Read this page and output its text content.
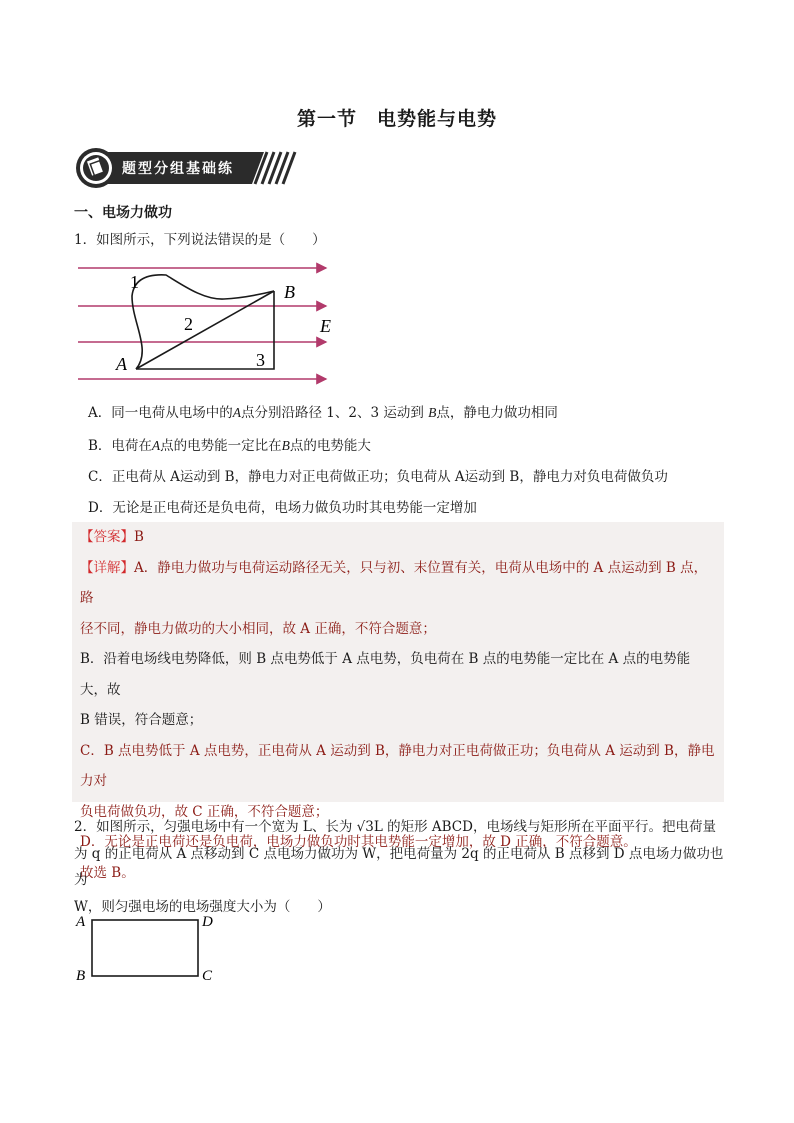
第一节　电势能与电势
题型分组基础练
一、电场力做功
1．如图所示，下列说法错误的是（　　）
1
2
3
A
B
E
A．同一电荷从电场中的A点分别沿路径 1、2、3 运动到 B点，静电力做功相同
B．电荷在A点的电势能一定比在B点的电势能大
C．正电荷从 A运动到 B，静电力对正电荷做正功；负电荷从 A运动到 B，静电力对负电荷做负功
D．无论是正电荷还是负电荷，电场力做负功时其电势能一定增加

【答案】B

【详解】A．静电力做功与电荷运动路径无关，只与初、末位置有关，电荷从电场中的 A 点运动到 B 点，路

径不同，静电力做功的大小相同，故 A 正确，不符合题意；

B．沿着电场线电势降低，则 B 点电势低于 A 点电势，负电荷在 B 点的电势能一定比在 A 点的电势能大，故

B 错误，符合题意；

C．B 点电势低于 A 点电势，正电荷从 A 运动到 B，静电力对正电荷做正功；负电荷从 A 运动到 B，静电力对

负电荷做负功，故 C 正确，不符合题意；

D．无论是正电荷还是负电荷，电场力做负功时其电势能一定增加，故 D 正确，不符合题意。

故选 B。

2．如图所示，匀强电场中有一个宽为 L、长为 √3L 的矩形 ABCD，电场线与矩形所在平面平行。把电荷量
为 q 的正电荷从 A 点移动到 C 点电场力做功为 W，把电荷量为 2q 的正电荷从 B 点移到 D 点电场力做功也为
W，则匀强电场的电场强度大小为（　　）
A
B	C
D
